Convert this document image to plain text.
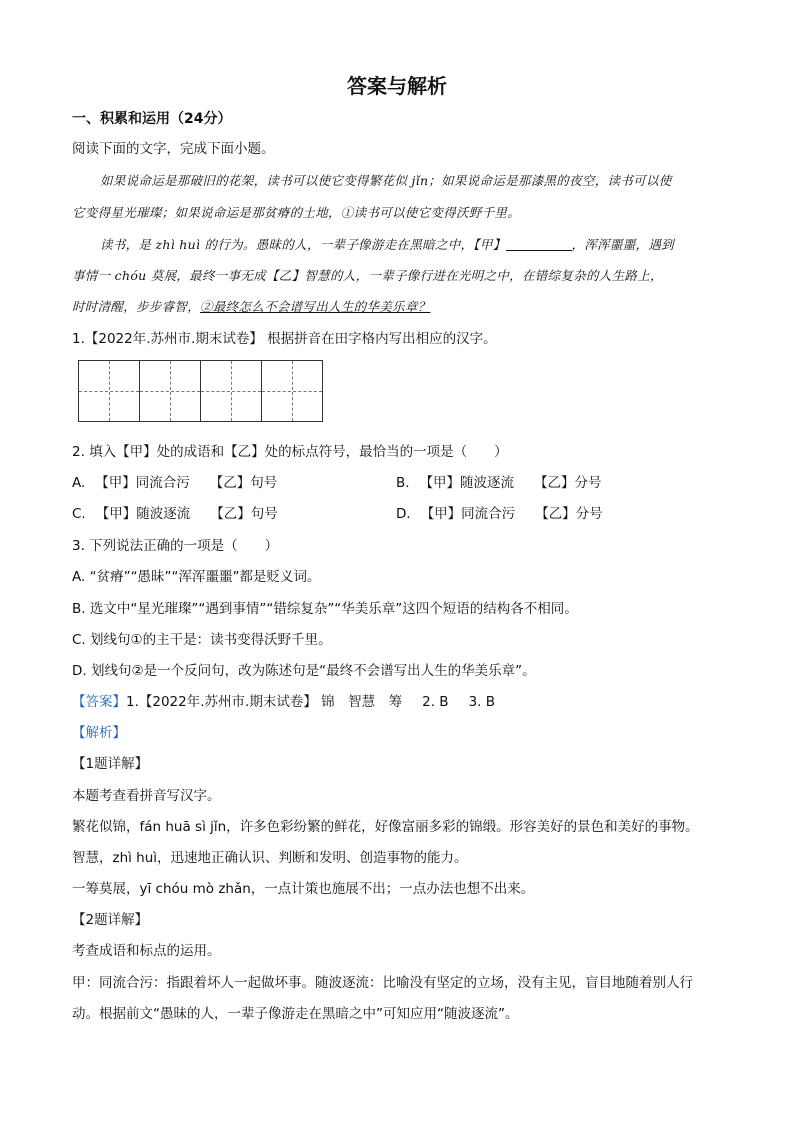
答案与解析
一、积累和运用（24分）
阅读下面的文字，完成下面小题。
如果说命运是那破旧的花架，读书可以使它变得繁花似 jǐn；如果说命运是那漆黑的夜空，读书可以使
它变得星光璀璨；如果说命运是那贫瘠的土地，①读书可以使它变得沃野千里。
读书，是 zhì huì 的行为。愚昧的人，一辈子像游走在黑暗之中，【甲】	，浑浑噩噩，遇到
事情一 chóu 莫展，最终一事无成【乙】智慧的人，一辈子像行进在光明之中，在错综复杂的人生路上，
时时清醒，步步睿智，②最终怎么不会谱写出人生的华美乐章？
1.【2022年.苏州市.期末试卷】 根据拼音在田字格内写出相应的汉字。
2. 填入【甲】处的成语和【乙】处的标点符号，最恰当的一项是（　　）
A. 【甲】同流合污 【乙】句号	B. 【甲】随波逐流 【乙】分号
C. 【甲】随波逐流 【乙】句号	D. 【甲】同流合污 【乙】分号
3. 下列说法正确的一项是（　　）
A. “贫瘠”“愚昧”“浑浑噩噩”都是贬义词。
B. 选文中“星光璀璨”“遇到事情”“错综复杂”“华美乐章”这四个短语的结构各不相同。
C. 划线句①的主干是：读书变得沃野千里。
D. 划线句②是一个反问句，改为陈述句是“最终不会谱写出人生的华美乐章”。
【答案】1.【2022年.苏州市.期末试卷】 锦　智慧　筹 2. B 3. B
【解析】
【1题详解】
本题考查看拼音写汉字。
繁花似锦，fán huā sì jǐn，许多色彩纷繁的鲜花，好像富丽多彩的锦缎。形容美好的景色和美好的事物。
智慧，zhì huì，迅速地正确认识、判断和发明、创造事物的能力。
一筹莫展，yī chóu mò zhǎn，一点计策也施展不出；一点办法也想不出来。
【2题详解】
考查成语和标点的运用。
甲：同流合污：指跟着坏人一起做坏事。随波逐流：比喻没有坚定的立场，没有主见，盲目地随着别人行
动。根据前文“愚昧的人，一辈子像游走在黑暗之中”可知应用“随波逐流”。
